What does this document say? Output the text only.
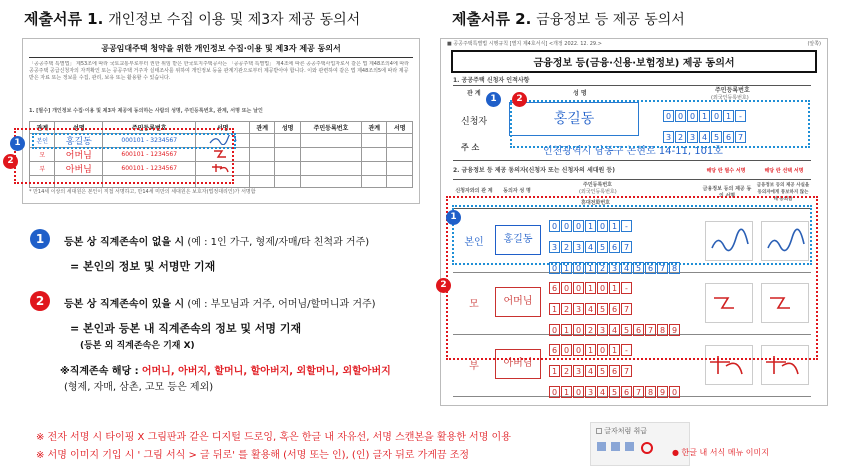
제출서류 1. 개인정보 수집 이용 및 제3자 제공 동의서
공공임대주택 청약을 위한 개인정보 수집·이용 및 제3자 제공 동의서
「공공주택 특별법」 제53조에 따라 국토교통부로부터 권한 위임 받은 한국토지주택공사는 「공공주택 특별법」 제4조에 따른 공공주택사업자로서 같은 법 제48조의4에 따라 공공주택 공급신청자의 자격확인 또는 공공주택 거주자 실태조사를 위하여 개인정보 등을 관계기관으로부터 제공받아야 합니다. 이와 관련하여 같은 법 제48조의5에 따라 제공받은 자료 또는 정보를 수집, 관리, 보유 또는 활용할 수 있습니다.
1. [필수] 개인정보 수집·이용 및 제3자 제공에 동의하는 사람의 성명, 주민등록번호, 관계, 서명 또는 날인
관계	성명	주민등록번호	서명	관계	성명	주민등록번호	관계	서명
본인	홍길동	000101 - 3234567						
모	어머님	600101 - 1234567						
부	아버님	600101 - 1234567						

* 만14세 이상의 세대원은 본인이 직접 서명하고, 만14세 미만의 세대원은 보호자(법정대리인)가 서명함
1
2
1	등본 상 직계존속이 없을 시 (예 : 1인 가구, 형제/자매/타 친척과 거주)
= 본인의 정보 및 서명만 기재
2	등본 상 직계존속이 있을 시 (예 : 부모님과 거주, 어머님/할머니과 거주)
= 본인과 등본 내 직계존속의 정보 및 서명 기재
(등본 외 직계존속은 기재 X)
※직계존속 해당 : 어머니, 아버지, 할머니, 할아버지, 외할머니, 외할아버지
(형제, 자매, 삼촌, 고모 등은 제외)
제출서류 2. 금융정보 등 제공 동의서
■ 공공주택특별법 시행규칙 [별지 제4호서식] <개정 2022. 12. 29.>	(앞쪽)
금융정보 등(금융·신용·보험정보) 제공 동의서
1. 공공주택 신청자 인적사항
관 계	성 명	주민등록번호
(외국인등록번호)
신청자	홍길동	0 0 0 1 0 1 -
3 2 3 4 5 6 7
주 소	인천광역시 남동구 논현로 14-11, 101호
2. 금융정보 등 제공 동의자(신청자 또는 신청자의 세대원 등)
신청자와의 관 계	동의자 성 명
주민등록번호
(외국인등록번호)
휴대전화번호
해당 란 필수 서명	해당 란 선택 서명
금융정보 등의 제공 동의 서명
금융정보 등의 제공 사실을 동의자에게 통보하지 않는 데 동의함
본인	홍길동
0 0 0 1 0 1 -
3 2 3 4 5 6 7
0 1 0 1 2 3 4 5 6 7 8
모	어머님
6 0 0 1 0 1 -
1 2 3 4 5 6 7
0 1 0 2 3 4 5 6 7 8 9
부	아버님
6 0 0 1 0 1 -
1 2 3 4 5 6 7
0 1 0 3 4 5 6 7 8 9 0
1	2
1
2
※ 전자 서명 시 타이핑 X 그림판과 같은 디지털 드로잉, 혹은 한글 내 자유선, 서명 스캔본을 활용한 서명 이용
※ 서명 이미지 기입 시 ' 그림 서식 > 글 뒤로' 를 활용해 (서명 또는 인), (인) 글자 뒤로 가게끔 조정
글자처럼 취급
● 한글 내 서식 메뉴 이미지
